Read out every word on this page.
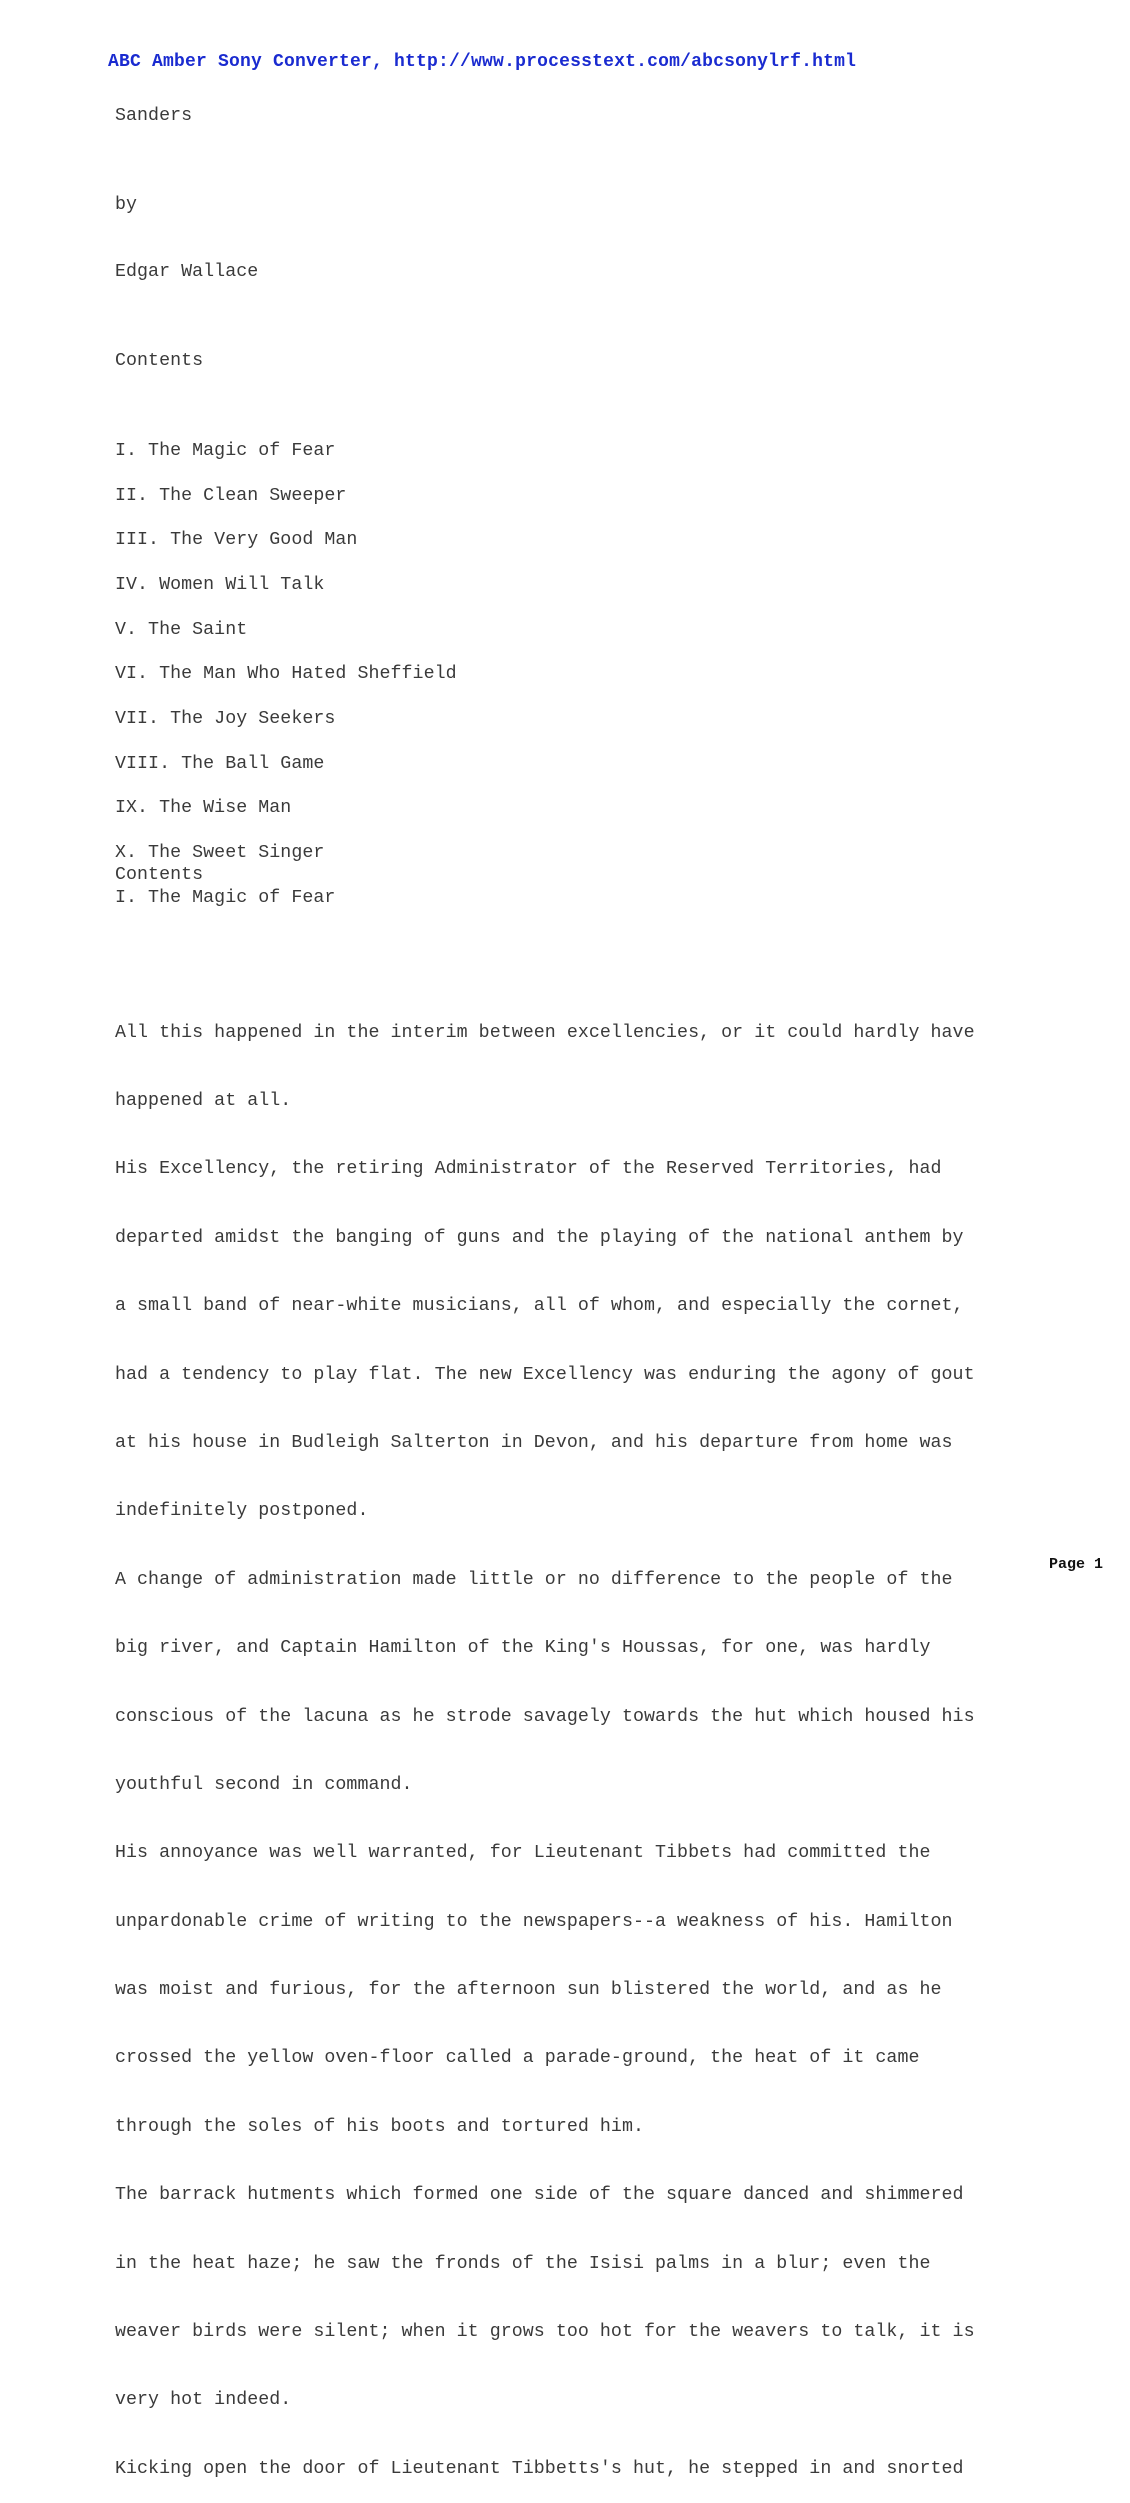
ABC Amber Sony Converter, http://www.processtext.com/abcsonylrf.html
Sanders
by
Edgar Wallace
Contents
I. The Magic of Fear
II. The Clean Sweeper
III. The Very Good Man
IV. Women Will Talk
V. The Saint
VI. The Man Who Hated Sheffield
VII. The Joy Seekers
VIII. The Ball Game
IX. The Wise Man
X. The Sweet Singer
Contents
I. The Magic of Fear

All this happened in the interim between excellencies, or it could hardly have

happened at all.

His Excellency, the retiring Administrator of the Reserved Territories, had

departed amidst the banging of guns and the playing of the national anthem by

a small band of near-white musicians, all of whom, and especially the cornet,

had a tendency to play flat. The new Excellency was enduring the agony of gout

at his house in Budleigh Salterton in Devon, and his departure from home was

indefinitely postponed.

A change of administration made little or no difference to the people of the

big river, and Captain Hamilton of the King's Houssas, for one, was hardly

conscious of the lacuna as he strode savagely towards the hut which housed his

youthful second in command.

His annoyance was well warranted, for Lieutenant Tibbets had committed the

unpardonable crime of writing to the newspapers--a weakness of his. Hamilton

was moist and furious, for the afternoon sun blistered the world, and as he

crossed the yellow oven-floor called a parade-ground, the heat of it came

through the soles of his boots and tortured him.

The barrack hutments which formed one side of the square danced and shimmered

in the heat haze; he saw the fronds of the Isisi palms in a blur; even the

weaver birds were silent; when it grows too hot for the weavers to talk, it is

very hot indeed.

Kicking open the door of Lieutenant Tibbetts's hut, he stepped in and snorted

Page 1
